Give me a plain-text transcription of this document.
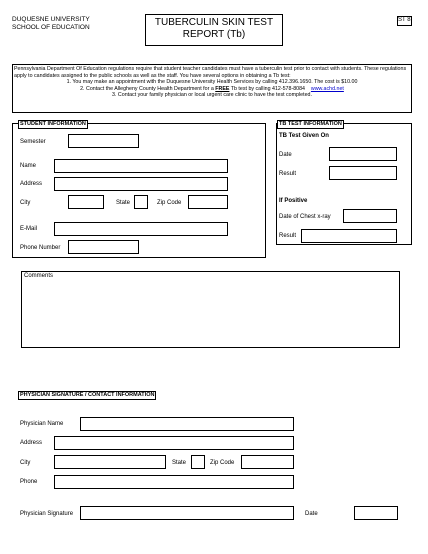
DUQUESNE UNIVERSITY
SCHOOL OF EDUCATION	TUBERCULIN SKIN TEST
REPORT (Tb)
ST 8
Pennsylvania Department Of Education regulations require that student teacher candidates must have a tuberculin test prior to contact with students. These regulations apply to candidates assigned to the public schools as well as the staff. You have several options in obtaining a Tb test:
1. You may make an appointment with the Duquesne University Health Services by calling 412.396.1650. The cost is $10.00
2. Contact the Allegheny County Health Department for a FREE Tb test by calling 412-578-8084 www.achd.net
3. Contact your family physician or local urgent care clinic to have the test completed.
STUDENT INFORMATION
Semester
Name
Address
City	State	Zip Code
E-Mail
Phone Number
TB TEST INFORMATION
TB Test Given On
Date
Result
If Positive
Date of Chest x-ray
Result
Comments
PHYSICIAN SIGNATURE / CONTACT INFORMATION
Physician Name
Address
City	State	Zip Code
Phone
Physician Signature	Date
